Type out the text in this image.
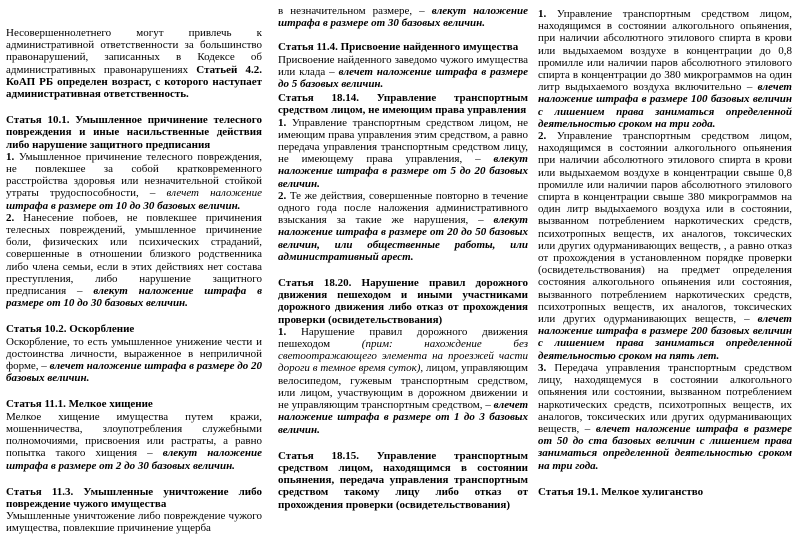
Несовершеннолетнего могут привлечь к административной ответственности за большинство правонарушений, записанных в Кодексе об административных правонарушениях Статьей 4.2. КоАП РБ определен возраст, с которого наступает административная ответственность.

Статья 10.1. Умышленное причинение телесного повреждения и иные насильственные действия либо нарушение защитного предписания

1. Умышленное причинение телесного повреждения, не повлекшее за собой кратковременного расстройства здоровья или незначительной стойкой утраты трудоспособности, – влечет наложение штрафа в размере от 10 до 30 базовых величин.

2. Нанесение побоев, не повлекшее причинения телесных повреждений, умышленное причинение боли, физических или психических страданий, совершенные в отношении близкого родственника либо члена семьи, если в этих действиях нет состава преступления, либо нарушение защитного предписания – влекут наложение штрафа в размере от 10 до 30 базовых величин.

Статья 10.2. Оскорбление

Оскорбление, то есть умышленное унижение чести и достоинства личности, выраженное в неприличной форме, – влечет наложение штрафа в размере до 20 базовых величин.

Статья 11.1. Мелкое хищение

Мелкое хищение имущества путем кражи, мошенничества, злоупотребления служебными полномочиями, присвоения или растраты, а равно попытка такого хищения – влекут наложение штрафа в размере от 2 до 30 базовых величин.

Статья 11.3. Умышленные уничтожение либо повреждение чужого имущества

Умышленные уничтожение либо повреждение чужого имущества, повлекшие причинение ущерба

в незначительном размере, – влекут наложение штрафа в размере от 30 базовых величин.

Статья 11.4. Присвоение найденного имущества

Присвоение найденного заведомо чужого имущества или клада – влечет наложение штрафа в размере до 5 базовых величин.

Статья 18.14. Управление транспортным средством лицом, не имеющим права управления

1. Управление транспортным средством лицом, не имеющим права управления этим средством, а равно передача управления транспортным средством лицу, не имеющему права управления, – влекут наложение штрафа в размере от 5 до 20 базовых величин.

2. Те же действия, совершенные повторно в течение одного года после наложения административного взыскания за такие же нарушения, – влекут наложение штрафа в размере от 20 до 50 базовых величин, или общественные работы, или административный арест.

Статья 18.20. Нарушение правил дорожного движения пешеходом и иными участниками дорожного движения либо отказ от прохождения проверки (освидетельствования)

1. Нарушение правил дорожного движения пешеходом	(прим: нахождение без светоотражающего элемента на проезжей части дороги в темное время суток), лицом, управляющим велосипедом, гужевым транспортным средством, или лицом, участвующим в дорожном движении и не управляющим транспортным средством, – влечет наложение штрафа в размере от 1 до 3 базовых величин.

Статья 18.15. Управление транспортным средством лицом, находящимся в состоянии опьянения, передача управления транспортным средством такому лицу либо отказ от прохождения проверки (освидетельствования)

1. Управление транспортным средством лицом, находящимся в состоянии алкогольного опьянения, при наличии абсолютного этилового спирта в крови или выдыхаемом воздухе в концентрации до 0,8 промилле или наличии паров абсолютного этилового спирта в концентрации до 380 микрограммов на один литр выдыхаемого воздуха включительно – влечет наложение штрафа в размере 100 базовых величин с лишением права заниматься определенной деятельностью сроком на три года.

2. Управление транспортным средством лицом, находящимся в состоянии алкогольного опьянения при наличии абсолютного этилового спирта в крови или выдыхаемом воздухе в концентрации свыше 0,8 промилле или наличии паров абсолютного этилового спирта в концентрации свыше 380 микрограммов на один литр выдыхаемого воздуха или в состоянии, вызванном потреблением наркотических средств, психотропных веществ, их аналогов, токсических или других одурманивающих веществ, , а равно отказ от прохождения в установленном порядке проверки (освидетельствования) на предмет определения состояния алкогольного опьянения или состояния, вызванного потреблением наркотических средств, психотропных веществ, их аналогов, токсических или других одурманивающих веществ, – влечет наложение штрафа в размере 200 базовых величин с лишением права заниматься определенной деятельностью сроком на пять лет.

3. Передача управления транспортным средством лицу, находящемуся в состоянии алкогольного опьянения или состоянии, вызванном потреблением наркотических средств, психотропных веществ, их аналогов, токсических или других одурманивающих веществ, – влечет наложение штрафа в размере от 50 до ста базовых величин с лишением права заниматься определенной деятельностью сроком на три года.

Статья 19.1. Мелкое хулиганство
